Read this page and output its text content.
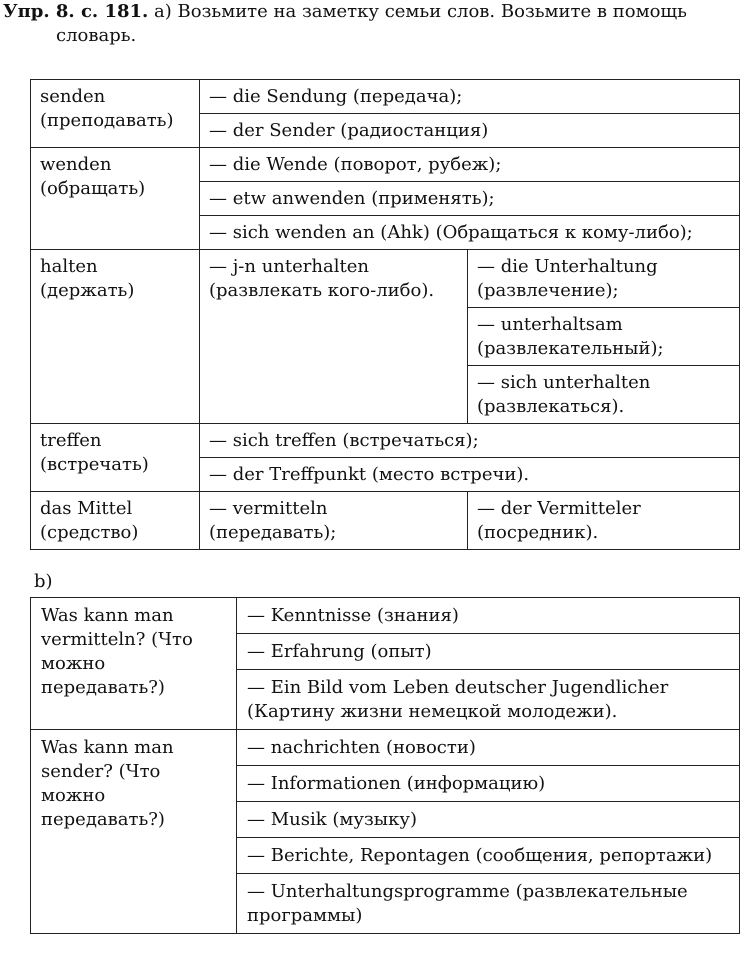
Упр. 8. с. 181. а) Возьмите на заметку семьи слов. Возьмите в помощь
словарь.
senden (преподавать)	— die Sendung (передача);	
	— der Sender (радиостанция)	
wenden (обращать)	— die Wende (поворот, рубеж);	
	— etw anwenden (применять);	
	— sich wenden an (Ahk) (Обращаться к кому-либо);	
halten (держать)	— j-n unterhalten (развлекать кого-либо).	— die Unterhaltung (развлечение);
		— unterhaltsam (развлекательный);
		— sich unterhalten (развлекаться).
treffen (встречать)	— sich treffen (встречаться);	
	— der Treffpunkt (место встречи).	
das Mittel (средство)	— vermitteln (передавать);	— der Vermitteler (посредник).
b)
Was kann man vermitteln? (Что можно передавать?)	— Kenntnisse (знания)
	— Erfahrung (опыт)
	— Ein Bild vom Leben deutscher Jugendlicher (Картину жизни немецкой молодежи).
Was kann man sender? (Что можно передавать?)	— nachrichten (новости)
	— Informationen (информацию)
	— Musik (музыку)
	— Berichte, Repontagen (сообщения, репортажи)
	— Unterhaltungsprogramme (развлекательные программы)
